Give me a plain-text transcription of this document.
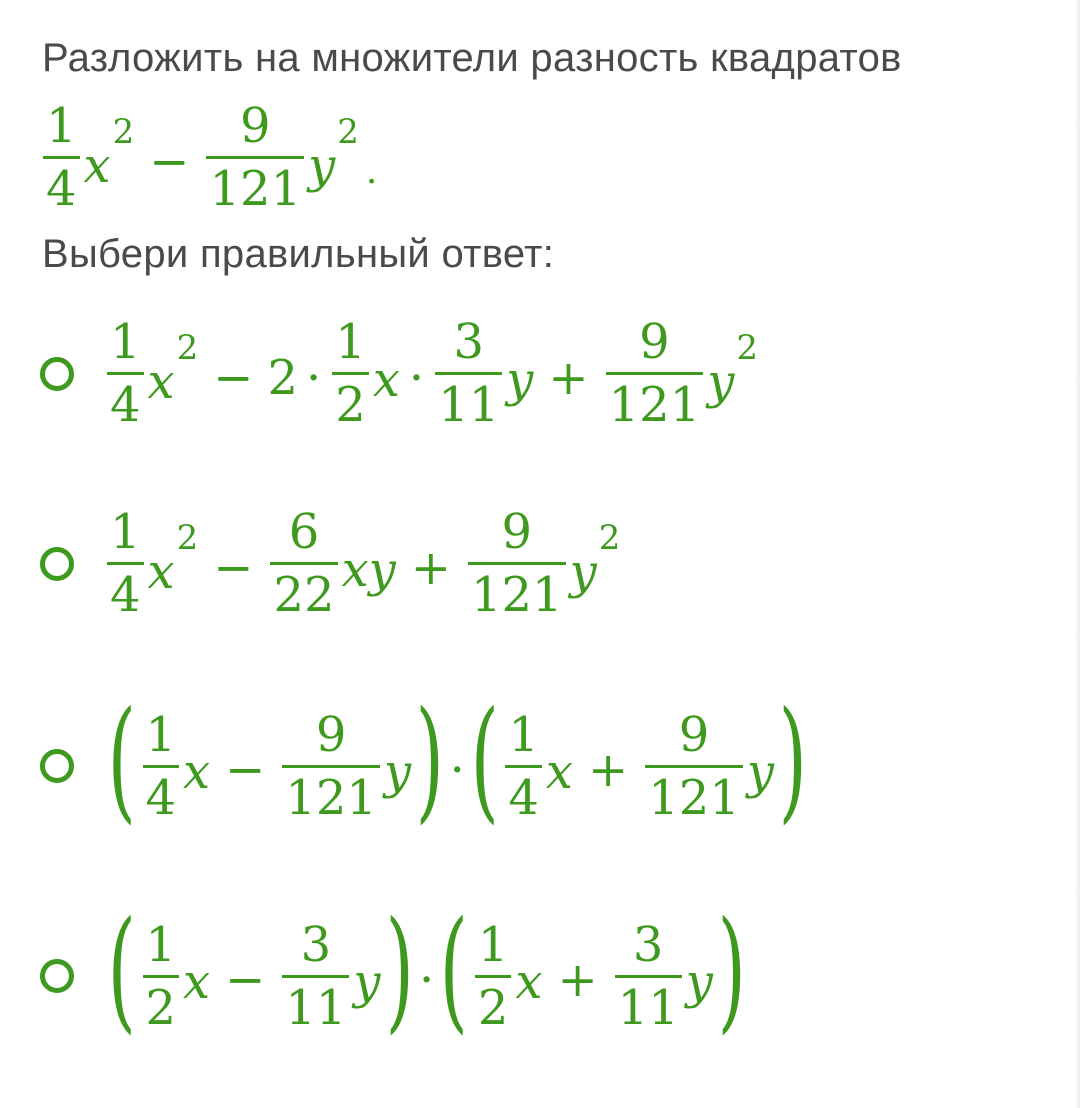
Разложить на множители разность квадратов
$\frac{1}{4} x^2$
− $\frac{9}{121} y^2$
.
Выбери правильный ответ:
$\frac{1}{4} x^2$
− $2 \cdot \frac{1}{2}$ $x \cdot \frac{3}{11}$ $y + \frac{9}{121} y^2$
$\frac{1}{4} x^2$
− $\frac{6}{22}$ xy + $\frac{9}{121} y^2$
( $\frac{1}{4}$ $x - \frac{9}{121}$ y ) · ( $\frac{1}{4}$ $x + \frac{9}{121}$ y )
( $\frac{1}{2}$ $x - \frac{3}{11}$ y ) · ( $\frac{1}{2}$ $x + \frac{3}{11}$ y )
